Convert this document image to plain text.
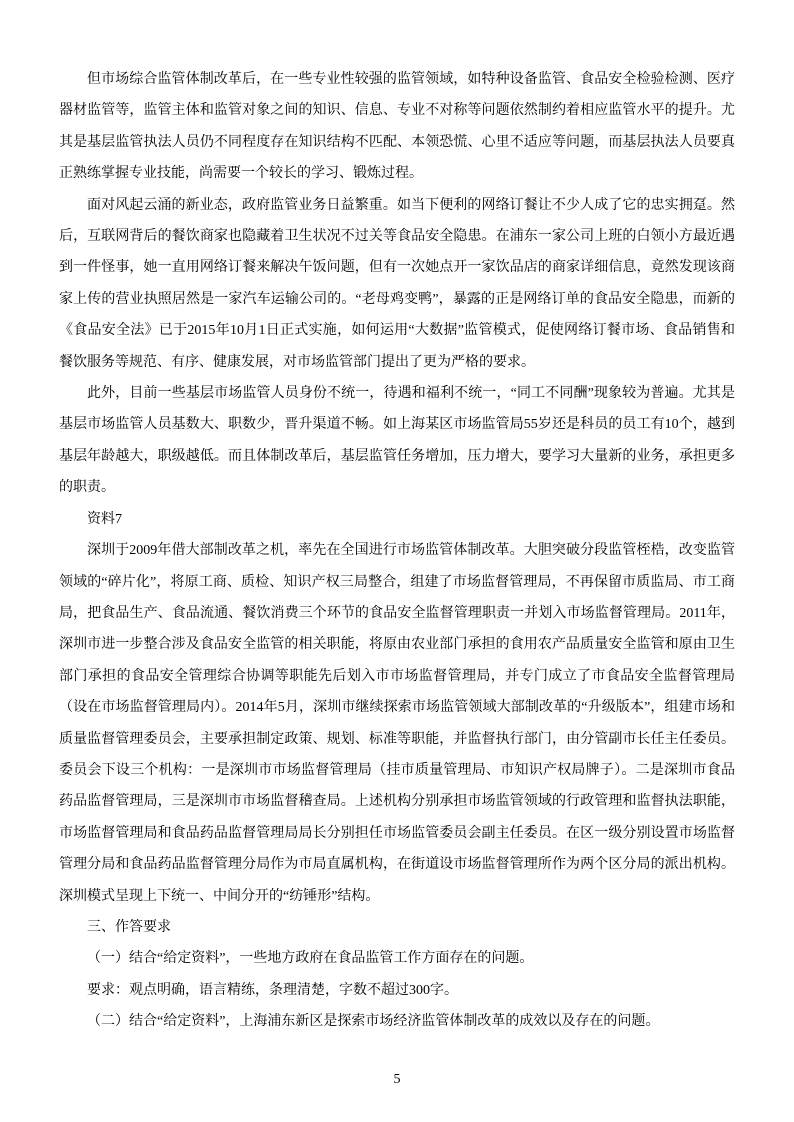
但市场综合监管体制改革后，在一些专业性较强的监管领域，如特种设备监管、食品安全检验检测、医疗器材监管等，监管主体和监管对象之间的知识、信息、专业不对称等问题依然制约着相应监管水平的提升。尤其是基层监管执法人员仍不同程度存在知识结构不匹配、本领恐慌、心里不适应等问题，而基层执法人员要真正熟练掌握专业技能，尚需要一个较长的学习、锻炼过程。

面对风起云涌的新业态，政府监管业务日益繁重。如当下便利的网络订餐让不少人成了它的忠实拥趸。然后，互联网背后的餐饮商家也隐藏着卫生状况不过关等食品安全隐患。在浦东一家公司上班的白领小方最近遇到一件怪事，她一直用网络订餐来解决午饭问题，但有一次她点开一家饮品店的商家详细信息，竟然发现该商家上传的营业执照居然是一家汽车运输公司的。“老母鸡变鸭”，暴露的正是网络订单的食品安全隐患，而新的《食品安全法》已于2015年10月1日正式实施，如何运用“大数据”监管模式，促使网络订餐市场、食品销售和餐饮服务等规范、有序、健康发展，对市场监管部门提出了更为严格的要求。

此外，目前一些基层市场监管人员身份不统一，待遇和福利不统一，“同工不同酬”现象较为普遍。尤其是基层市场监管人员基数大、职数少，晋升渠道不畅。如上海某区市场监管局55岁还是科员的员工有10个，越到基层年龄越大，职级越低。而且体制改革后，基层监管任务增加，压力增大，要学习大量新的业务，承担更多的职责。

资料7

深圳于2009年借大部制改革之机，率先在全国进行市场监管体制改革。大胆突破分段监管桎梏，改变监管领域的“碎片化”，将原工商、质检、知识产权三局整合，组建了市场监督管理局，不再保留市质监局、市工商局，把食品生产、食品流通、餐饮消费三个环节的食品安全监督管理职责一并划入市场监督管理局。2011年，深圳市进一步整合涉及食品安全监管的相关职能，将原由农业部门承担的食用农产品质量安全监管和原由卫生部门承担的食品安全管理综合协调等职能先后划入市市场监督管理局，并专门成立了市食品安全监督管理局（设在市场监督管理局内）。2014年5月，深圳市继续探索市场监管领域大部制改革的“升级版本”，组建市场和质量监督管理委员会，主要承担制定政策、规划、标准等职能，并监督执行部门，由分管副市长任主任委员。委员会下设三个机构：一是深圳市市场监督管理局（挂市质量管理局、市知识产权局牌子）。二是深圳市食品药品监督管理局，三是深圳市市场监督稽查局。上述机构分别承担市场监管领域的行政管理和监督执法职能，市场监督管理局和食品药品监督管理局局长分别担任市场监管委员会副主任委员。在区一级分别设置市场监督管理分局和食品药品监督管理分局作为市局直属机构，在街道设市场监督管理所作为两个区分局的派出机构。深圳模式呈现上下统一、中间分开的“纺锤形”结构。

三、作答要求

（一）结合“给定资料”，一些地方政府在食品监管工作方面存在的问题。

要求：观点明确，语言精练，条理清楚，字数不超过300字。

（二）结合“给定资料”，上海浦东新区是探索市场经济监管体制改革的成效以及存在的问题。

5
